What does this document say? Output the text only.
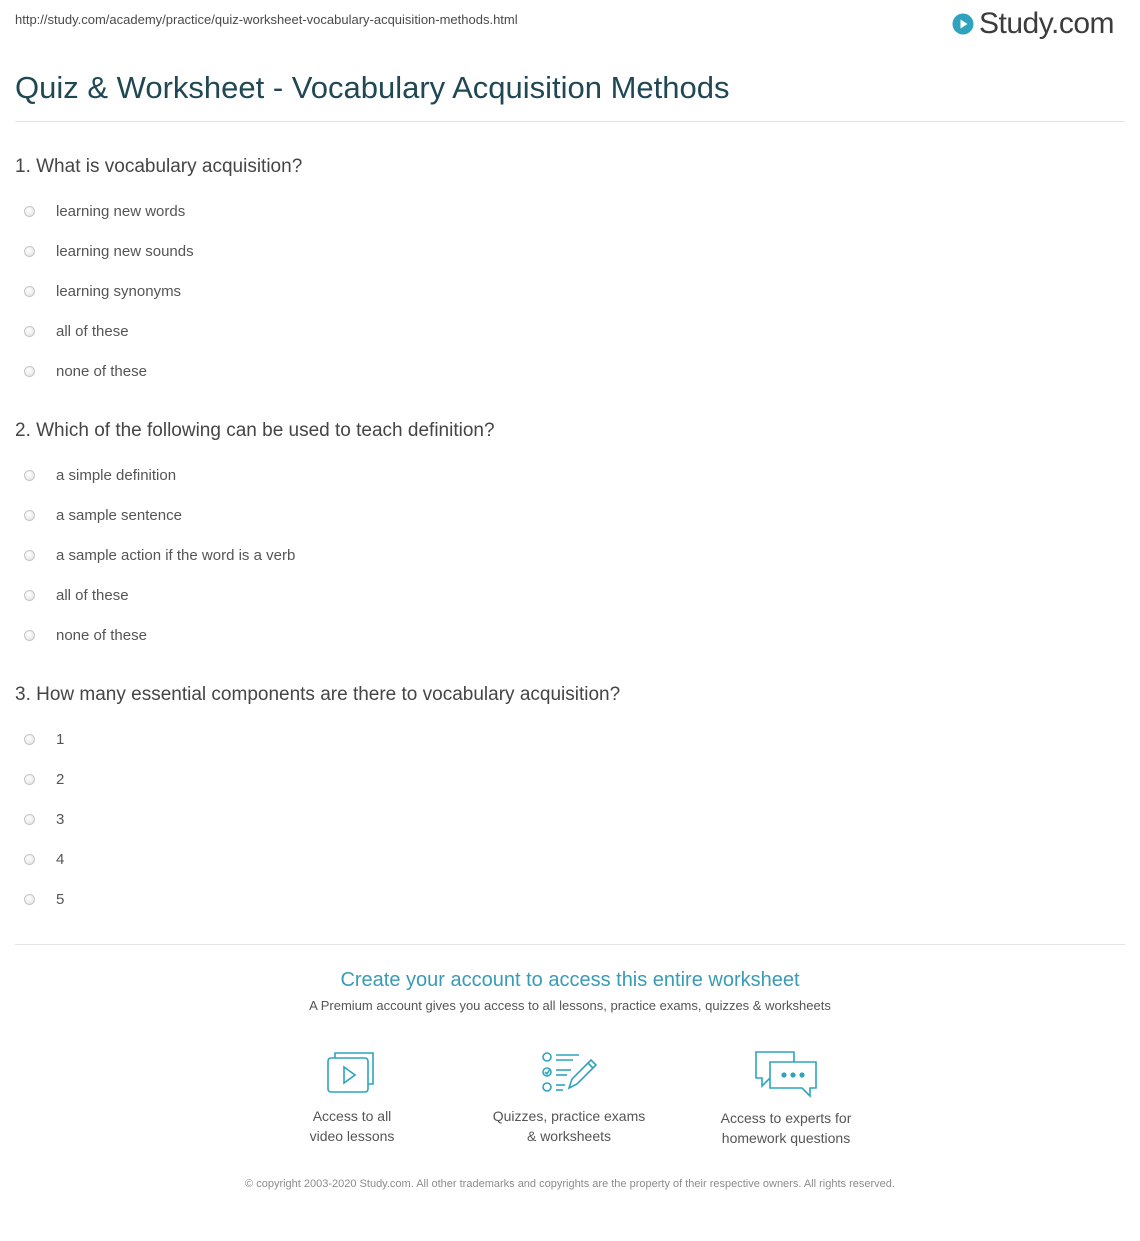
http://study.com/academy/practice/quiz-worksheet-vocabulary-acquisition-methods.html	Study.com
Quiz & Worksheet - Vocabulary Acquisition Methods

1. What is vocabulary acquisition?

learning new words
learning new sounds
learning synonyms
all of these
none of these

2. Which of the following can be used to teach definition?

a simple definition
a sample sentence
a sample action if the word is a verb
all of these
none of these

3. How many essential components are there to vocabulary acquisition?

1
2
3
4
5
Create your account to access this entire worksheet
A Premium account gives you access to all lessons, practice exams, quizzes & worksheets
Access to all
video lessons
Quizzes, practice exams
& worksheets
Access to experts for
homework questions
© copyright 2003-2020 Study.com. All other trademarks and copyrights are the property of their respective owners. All rights reserved.
